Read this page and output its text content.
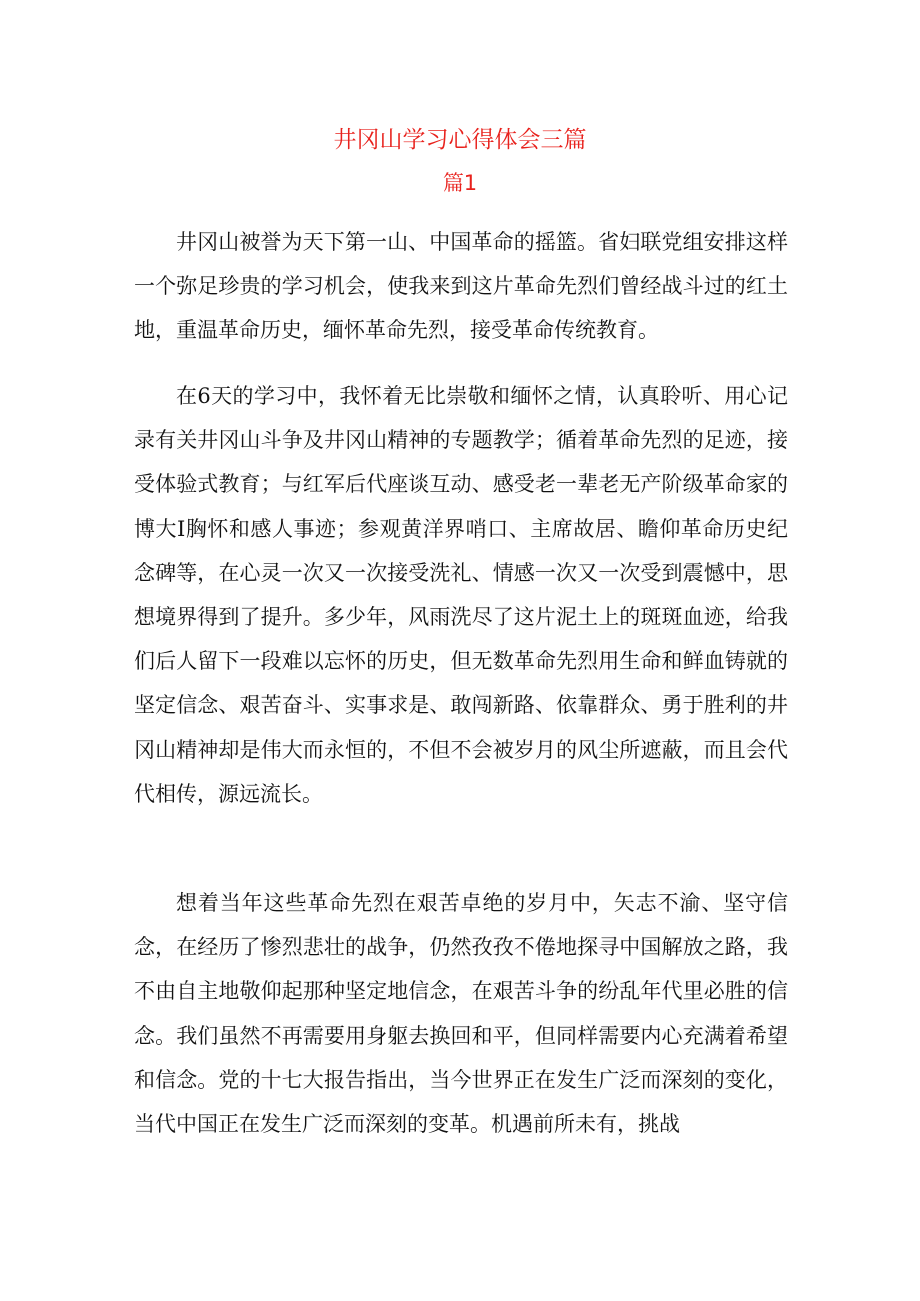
井冈山学习心得体会三篇
篇1

井冈山被誉为天下第一山、中国革命的摇篮。省妇联党组安排这样一个弥足珍贵的学习机会，使我来到这片革命先烈们曾经战斗过的红土地，重温革命历史，缅怀革命先烈，接受革命传统教育。

在6天的学习中，我怀着无比崇敬和缅怀之情，认真聆听、用心记录有关井冈山斗争及井冈山精神的专题教学；循着革命先烈的足迹，接受体验式教育；与红军后代座谈互动、感受老一辈老无产阶级革命家的博大I胸怀和感人事迹；参观黄洋界哨口、主席故居、瞻仰革命历史纪念碑等，在心灵一次又一次接受洗礼、情感一次又一次受到震憾中，思想境界得到了提升。多少年，风雨洗尽了这片泥土上的斑斑血迹，给我们后人留下一段难以忘怀的历史，但无数革命先烈用生命和鲜血铸就的坚定信念、艰苦奋斗、实事求是、敢闯新路、依靠群众、勇于胜利的井冈山精神却是伟大而永恒的，不但不会被岁月的风尘所遮蔽，而且会代代相传，源远流长。

想着当年这些革命先烈在艰苦卓绝的岁月中，矢志不渝、坚守信念，在经历了惨烈悲壮的战争，仍然孜孜不倦地探寻中国解放之路，我不由自主地敬仰起那种坚定地信念，在艰苦斗争的纷乱年代里必胜的信念。我们虽然不再需要用身躯去换回和平，但同样需要内心充满着希望和信念。党的十七大报告指出，当今世界正在发生广泛而深刻的变化，当代中国正在发生广泛而深刻的变革。机遇前所未有，挑战
